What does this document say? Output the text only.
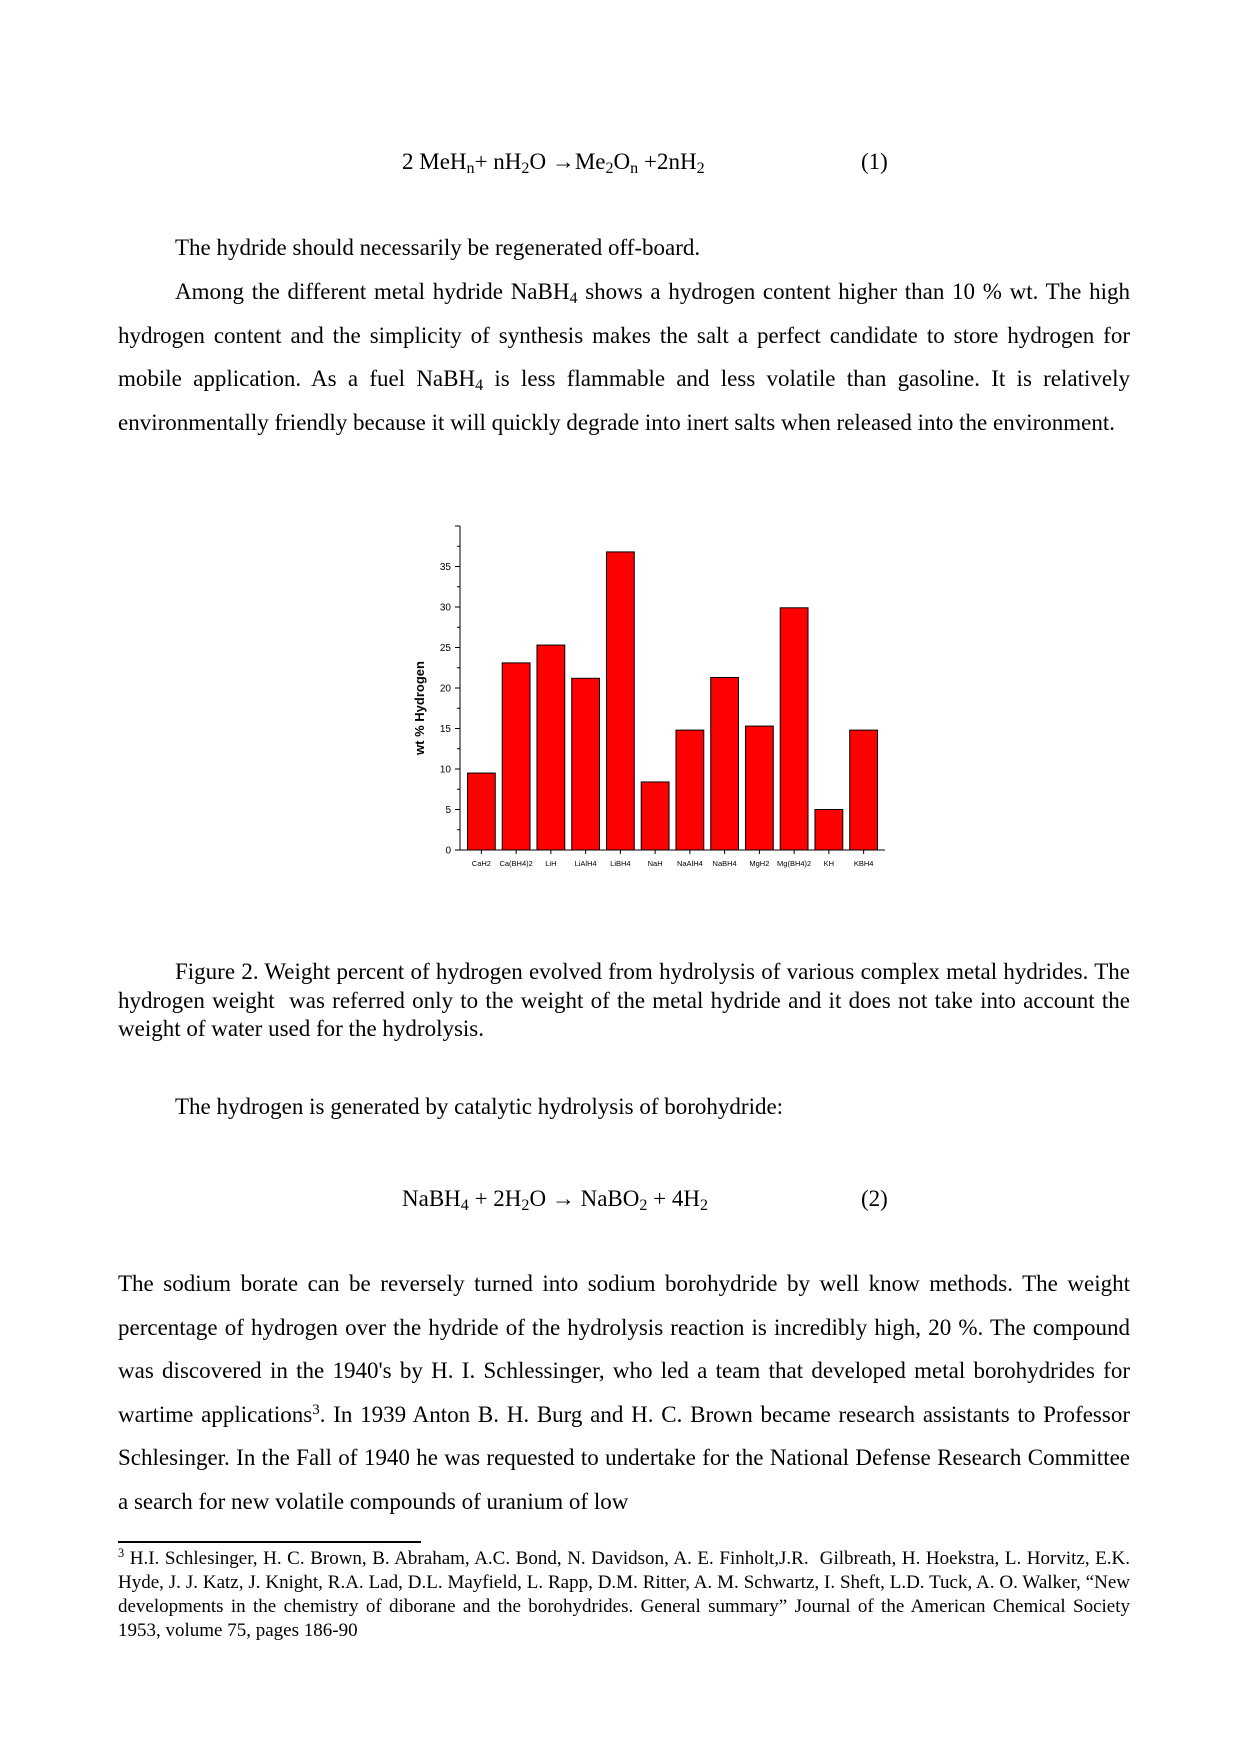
2 $MeH_n+ nH_2O \to Me_2O_n +2nH_2$	(1)
The hydride should necessarily be regenerated off-board.
Among the different metal hydride NaBH$_4$ shows a hydrogen content higher than 10 % wt. The high hydrogen content and the simplicity of synthesis makes the salt a perfect candidate to store hydrogen for mobile application. As a fuel NaBH$_4$ is less flammable and less volatile than gasoline. It is relatively environmentally friendly because it will quickly degrade into inert salts when released into the environment.
0
5
10
15
20
25
30
35
wt % Hydrogen
CaH2 Ca(BH4)2 LiH LiAlH4 LiBH4 NaH NaAlH4 NaBH4 MgH2 Mg(BH4)2 KH	KBH4
Figure 2. Weight percent of hydrogen evolved from hydrolysis of various complex metal hydrides. The hydrogen weight  was referred only to the weight of the metal hydride and it does not take into account the weight of water used for the hydrolysis.
The hydrogen is generated by catalytic hydrolysis of borohydride:
NaBH$_4$ + $2H_2O$ → NaBO$_2$ + $4H_2$	(2)
The sodium borate can be reversely turned into sodium borohydride by well know methods. The weight percentage of hydrogen over the hydride of the hydrolysis reaction is incredibly high, 20 %. The compound was discovered in the 1940's by H. I. Schlessinger, who led a team that developed metal borohydrides for wartime applications$^3$. In 1939 Anton B. H. Burg and H. C. Brown became research assistants to Professor Schlesinger. In the Fall of 1940 he was requested to undertake for the National Defense Research Committee a search for new volatile compounds of uranium of low
$^3$ H.I. Schlesinger, H. C. Brown, B. Abraham, A.C. Bond, N. Davidson, A. E. Finholt,J.R.  Gilbreath, H. Hoekstra, L. Horvitz, E.K. Hyde, J. J. Katz, J. Knight, R.A. Lad, D.L. Mayfield, L. Rapp, D.M. Ritter, A. M. Schwartz, I. Sheft, L.D. Tuck, A. O. Walker, “New developments in the chemistry of diborane and the borohydrides. General summary” Journal of the American Chemical Society 1953, volume 75, pages 186-90
